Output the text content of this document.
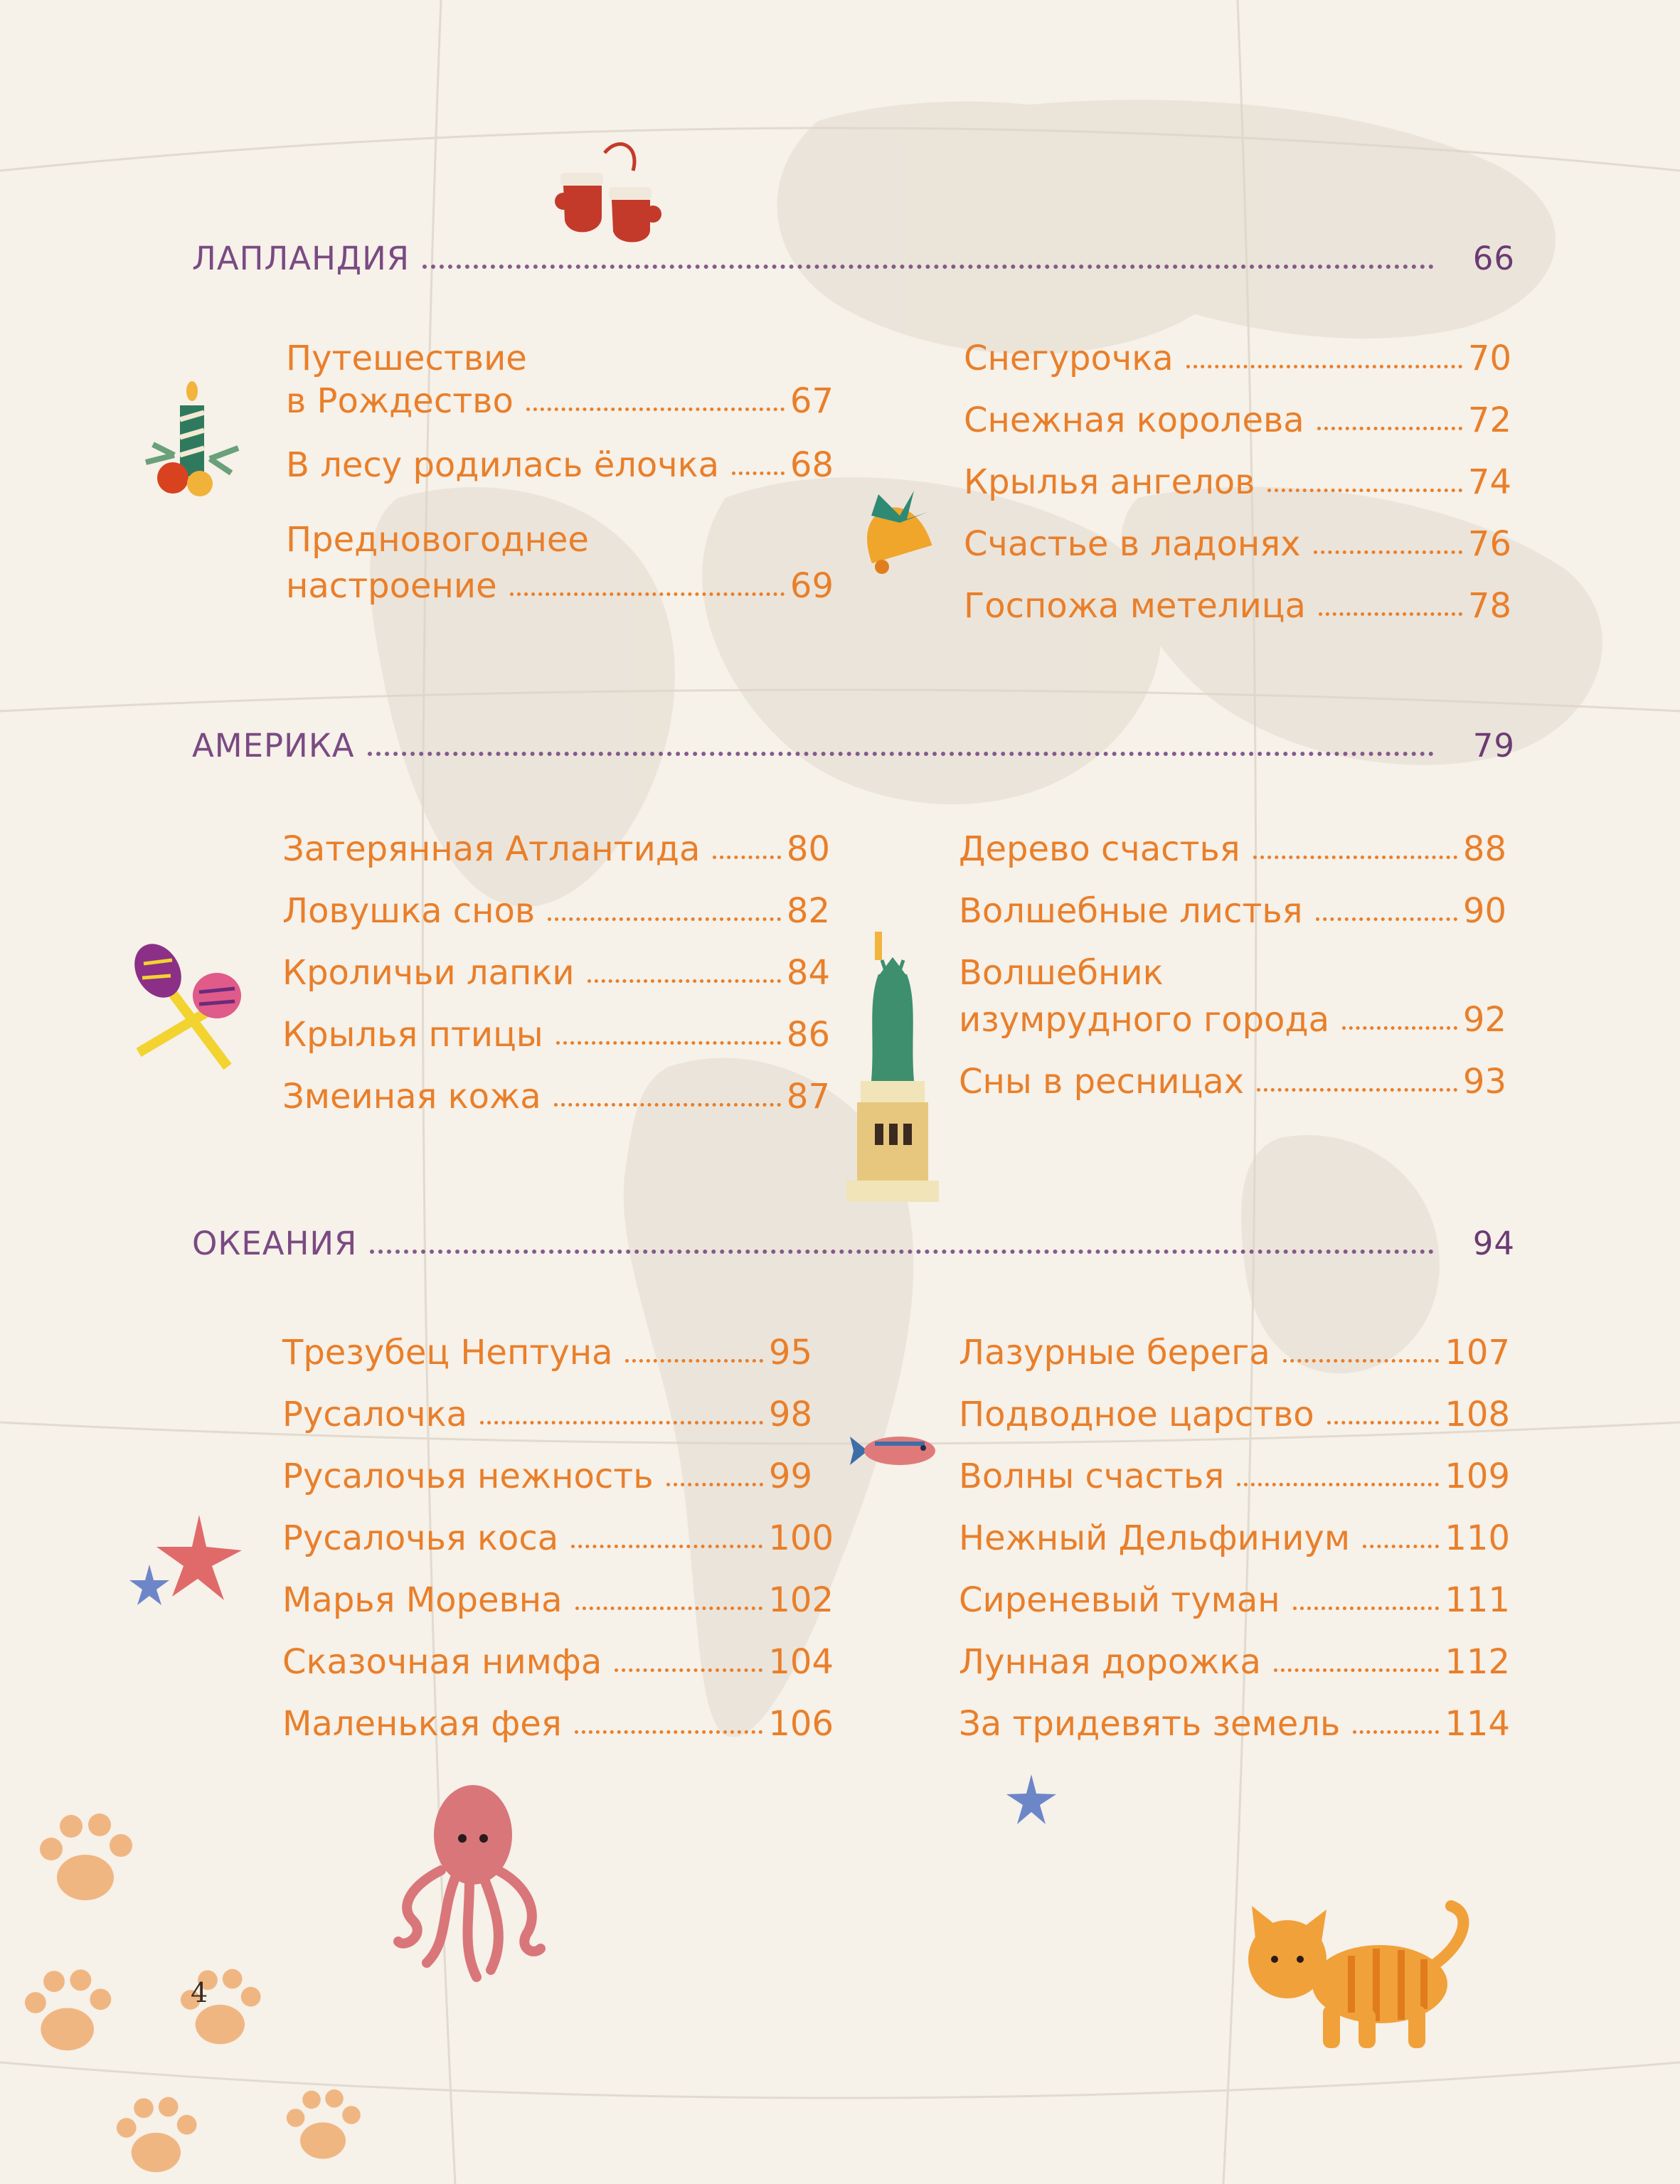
ЛАПЛАНДИЯ	66
Путешествие
в Рождество	67
В лесу родилась ёлочка 68
Предновогоднее
настроение	69
Снегурочка	70
Снежная королева	72
Крылья ангелов	74
Счастье в ладонях	76
Госпожа метелица	78
АМЕРИКА	79
Затерянная Атлантида	80
Ловушка снов	82
Кроличьи лапки	84
Крылья птицы	86
Змеиная кожа	87
Дерево счастья	88
Волшебные листья	90
Волшебник
изумрудного города	92
Сны в ресницах	93
ОКЕАНИЯ	94
Трезубец Нептуна	95
Русалочка	98
Русалочья нежность	99
Русалочья коса	100
Марья Моревна	102
Сказочная нимфа	104
Маленькая фея	106
Лазурные берега	107
Подводное царство	108
Волны счастья	109
Нежный Дельфиниум	110
Сиреневый туман	111
Лунная дорожка	112
За тридевять земель	114
4
